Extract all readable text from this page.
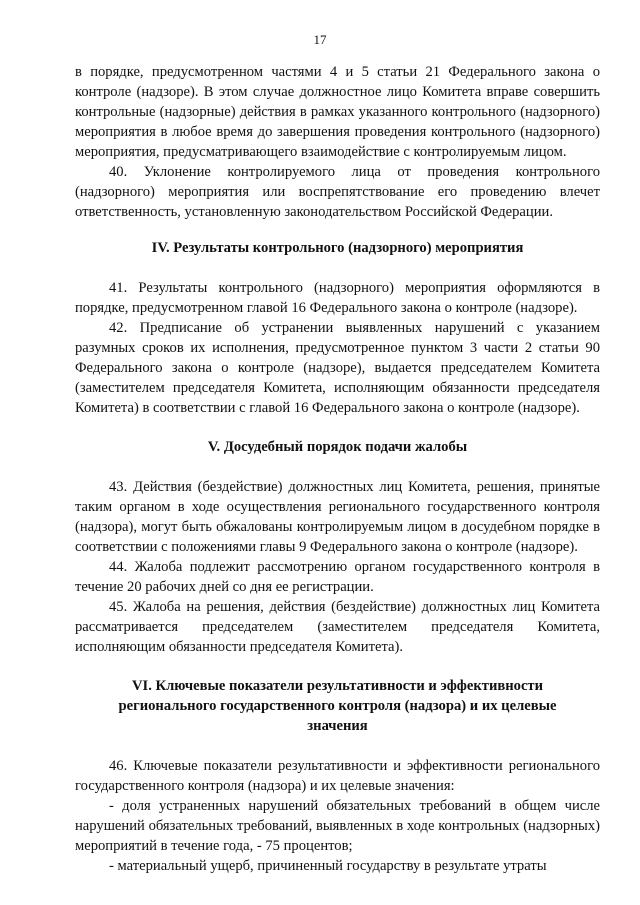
17

в порядке, предусмотренном частями 4 и 5 статьи 21 Федерального закона о контроле (надзоре). В этом случае должностное лицо Комитета вправе совершить контрольные (надзорные) действия в рамках указанного контрольного (надзорного) мероприятия в любое время до завершения проведения контрольного (надзорного) мероприятия, предусматривающего взаимодействие с контролируемым лицом.

40. Уклонение контролируемого лица от проведения контрольного (надзорного) мероприятия или воспрепятствование его проведению влечет ответственность, установленную законодательством Российской Федерации.

IV. Результаты контрольного (надзорного) мероприятия

41. Результаты контрольного (надзорного) мероприятия оформляются в порядке, предусмотренном главой 16 Федерального закона о контроле (надзоре).

42. Предписание об устранении выявленных нарушений с указанием разумных сроков их исполнения, предусмотренное пунктом 3 части 2 статьи 90 Федерального закона о контроле (надзоре), выдается председателем Комитета (заместителем председателя Комитета, исполняющим обязанности председателя Комитета) в соответствии с главой 16 Федерального закона о контроле (надзоре).

V. Досудебный порядок подачи жалобы

43. Действия (бездействие) должностных лиц Комитета, решения, принятые таким органом в ходе осуществления регионального государственного контроля (надзора), могут быть обжалованы контролируемым лицом в досудебном порядке в соответствии с положениями главы 9 Федерального закона о контроле (надзоре).

44. Жалоба подлежит рассмотрению органом государственного контроля в течение 20 рабочих дней со дня ее регистрации.

45. Жалоба на решения, действия (бездействие) должностных лиц Комитета рассматривается председателем (заместителем председателя Комитета, исполняющим обязанности председателя Комитета).

VI. Ключевые показатели результативности и эффективности
регионального государственного контроля (надзора) и их целевые
значения

46. Ключевые показатели результативности и эффективности регионального государственного контроля (надзора) и их целевые значения:

- доля устраненных нарушений обязательных требований в общем числе нарушений обязательных требований, выявленных в ходе контрольных (надзорных) мероприятий в течение года, - 75 процентов;

- материальный ущерб, причиненный государству в результате утраты
